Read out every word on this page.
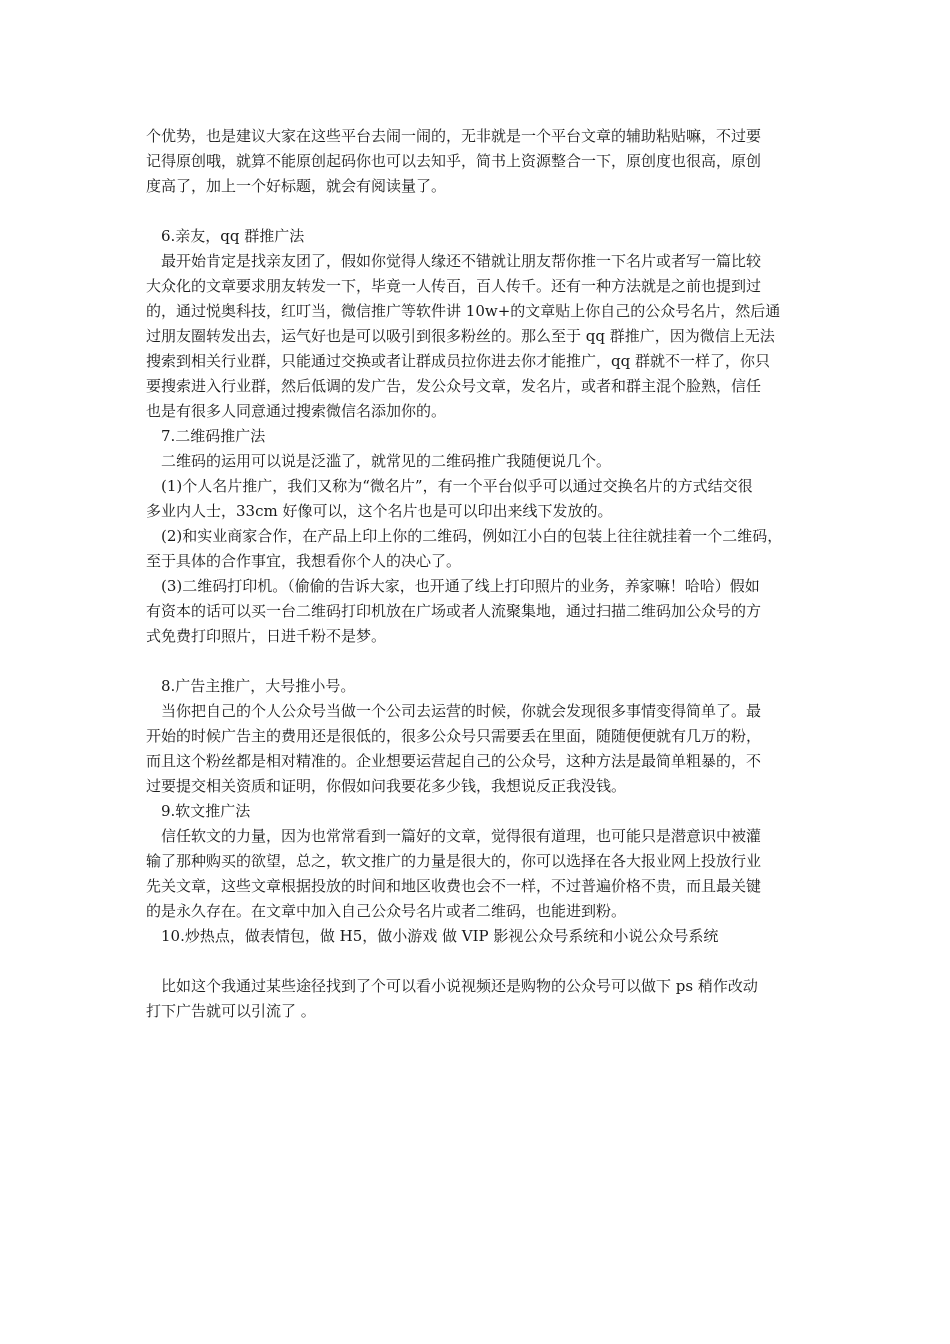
个优势，也是建议大家在这些平台去闹一闹的，无非就是一个平台文章的辅助粘贴嘛，不过要
记得原创哦，就算不能原创起码你也可以去知乎，简书上资源整合一下，原创度也很高，原创
度高了，加上一个好标题，就会有阅读量了。
　6.亲友，qq 群推广法
　最开始肯定是找亲友团了，假如你觉得人缘还不错就让朋友帮你推一下名片或者写一篇比较
大众化的文章要求朋友转发一下，毕竟一人传百，百人传千。还有一种方法就是之前也提到过
的，通过悦奥科技，红叮当，微信推广等软件讲 10w+的文章贴上你自己的公众号名片，然后通
过朋友圈转发出去，运气好也是可以吸引到很多粉丝的。那么至于 qq 群推广，因为微信上无法
搜索到相关行业群，只能通过交换或者让群成员拉你进去你才能推广，qq 群就不一样了，你只
要搜索进入行业群，然后低调的发广告，发公众号文章，发名片，或者和群主混个脸熟，信任
也是有很多人同意通过搜索微信名添加你的。
　7.二维码推广法
　二维码的运用可以说是泛滥了，就常见的二维码推广我随便说几个。
　(1)个人名片推广，我们又称为“微名片”，有一个平台似乎可以通过交换名片的方式结交很
多业内人士，33cm 好像可以，这个名片也是可以印出来线下发放的。
　(2)和实业商家合作，在产品上印上你的二维码，例如江小白的包装上往往就挂着一个二维码，
至于具体的合作事宜，我想看你个人的决心了。
　(3)二维码打印机。（偷偷的告诉大家，也开通了线上打印照片的业务，养家嘛！哈哈）假如
有资本的话可以买一台二维码打印机放在广场或者人流聚集地，通过扫描二维码加公众号的方
式免费打印照片，日进千粉不是梦。
　8.广告主推广，大号推小号。
　当你把自己的个人公众号当做一个公司去运营的时候，你就会发现很多事情变得简单了。最
开始的时候广告主的费用还是很低的，很多公众号只需要丢在里面，随随便便就有几万的粉，
而且这个粉丝都是相对精准的。企业想要运营起自己的公众号，这种方法是最简单粗暴的，不
过要提交相关资质和证明，你假如问我要花多少钱，我想说反正我没钱。
　9.软文推广法
　信任软文的力量，因为也常常看到一篇好的文章，觉得很有道理，也可能只是潜意识中被灌
输了那种购买的欲望，总之，软文推广的力量是很大的，你可以选择在各大报业网上投放行业
先关文章，这些文章根据投放的时间和地区收费也会不一样，不过普遍价格不贵，而且最关键
的是永久存在。在文章中加入自己公众号名片或者二维码，也能进到粉。
　10.炒热点，做表情包，做 H5，做小游戏 做 VIP 影视公众号系统和小说公众号系统
　比如这个我通过某些途径找到了个可以看小说视频还是购物的公众号可以做下 ps 稍作改动
打下广告就可以引流了 。
